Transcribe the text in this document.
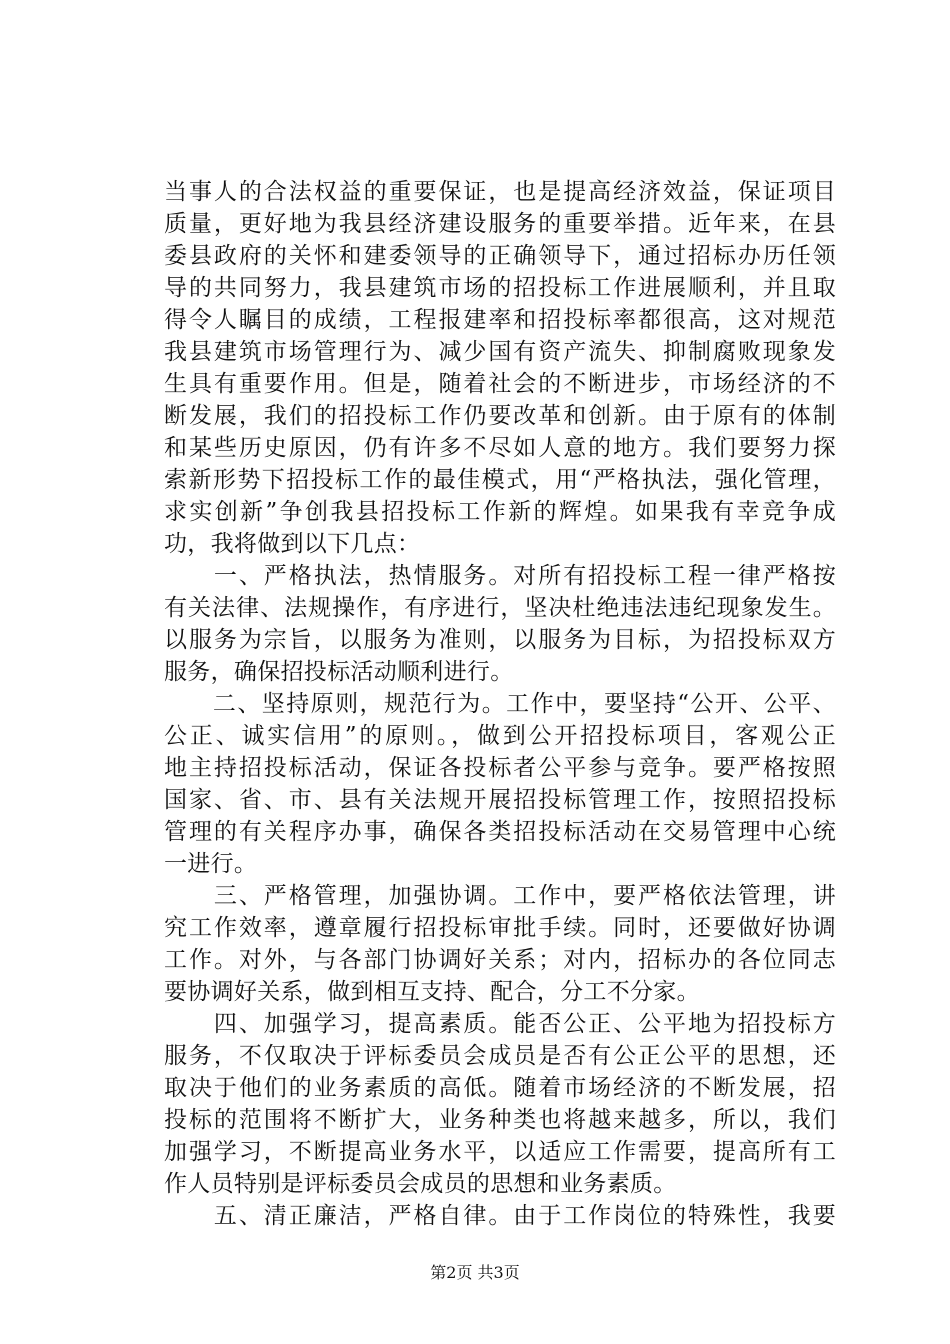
当事人的合法权益的重要保证，也是提高经济效益，保证项目
质量，更好地为我县经济建设服务的重要举措。近年来，在县
委县政府的关怀和建委领导的正确领导下，通过招标办历任领
导的共同努力，我县建筑市场的招投标工作进展顺利，并且取
得令人瞩目的成绩，工程报建率和招投标率都很高，这对规范
我县建筑市场管理行为、减少国有资产流失、抑制腐败现象发
生具有重要作用。但是，随着社会的不断进步，市场经济的不
断发展，我们的招投标工作仍要改革和创新。由于原有的体制
和某些历史原因，仍有许多不尽如人意的地方。我们要努力探
索新形势下招投标工作的最佳模式，用“严格执法，强化管理，
求实创新”争创我县招投标工作新的辉煌。如果我有幸竞争成
功，我将做到以下几点：
　　一、严格执法，热情服务。对所有招投标工程一律严格按
有关法律、法规操作，有序进行，坚决杜绝违法违纪现象发生。
以服务为宗旨，以服务为准则，以服务为目标，为招投标双方
服务，确保招投标活动顺利进行。
　　二、坚持原则，规范行为。工作中，要坚持“公开、公平、
公正、诚实信用”的原则。，做到公开招投标项目，客观公正
地主持招投标活动，保证各投标者公平参与竞争。要严格按照
国家、省、市、县有关法规开展招投标管理工作，按照招投标
管理的有关程序办事，确保各类招投标活动在交易管理中心统
一进行。
　　三、严格管理，加强协调。工作中，要严格依法管理，讲
究工作效率，遵章履行招投标审批手续。同时，还要做好协调
工作。对外，与各部门协调好关系；对内，招标办的各位同志
要协调好关系，做到相互支持、配合，分工不分家。
　　四、加强学习，提高素质。能否公正、公平地为招投标方
服务，不仅取决于评标委员会成员是否有公正公平的思想，还
取决于他们的业务素质的高低。随着市场经济的不断发展，招
投标的范围将不断扩大，业务种类也将越来越多，所以，我们
加强学习，不断提高业务水平，以适应工作需要，提高所有工
作人员特别是评标委员会成员的思想和业务素质。
　　五、清正廉洁，严格自律。由于工作岗位的特殊性，我要
第2页 共3页
